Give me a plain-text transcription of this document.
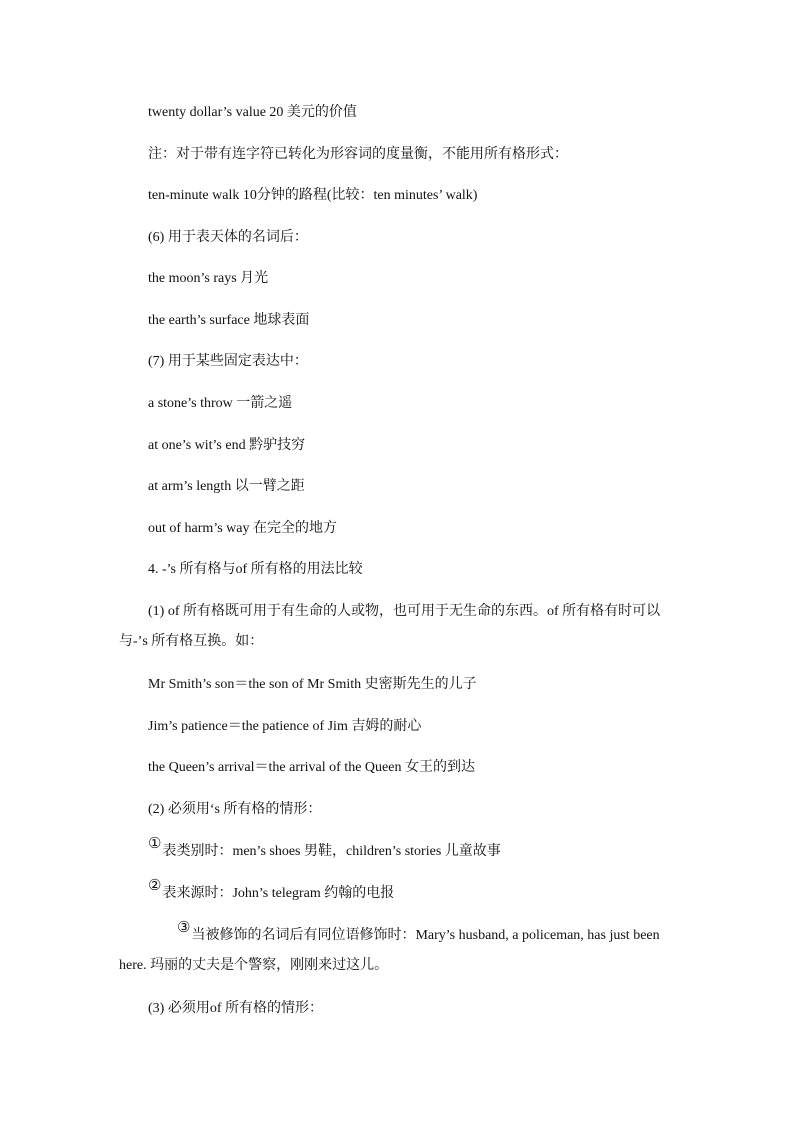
twenty dollar’s value 20 美元的价值
注：对于带有连字符已转化为形容词的度量衡，不能用所有格形式：
ten-minute walk 10分钟的路程(比较：ten minutes’ walk)
(6) 用于表天体的名词后：
the moon’s rays 月光
the earth’s surface 地球表面
(7) 用于某些固定表达中：
a stone’s throw 一箭之遥
at one’s wit’s end 黔驴技穷
at arm’s length 以一臂之距
out of harm’s way 在完全的地方
4. -’s 所有格与of 所有格的用法比较
(1) of 所有格既可用于有生命的人或物，也可用于无生命的东西。of 所有格有时可以与-’s 所有格互换。如：
Mr Smith’s son＝the son of Mr Smith 史密斯先生的儿子
Jim’s patience＝the patience of Jim 吉姆的耐心
the Queen’s arrival＝the arrival of the Queen 女王的到达
(2) 必须用‘s 所有格的情形：
①表类别时：men’s shoes 男鞋，children’s stories 儿童故事
②表来源时：John’s telegram 约翰的电报
③当被修饰的名词后有同位语修饰时：Mary’s husband, a policeman, has just been here. 玛丽的丈夫是个警察，刚刚来过这儿。
(3) 必须用of 所有格的情形：
